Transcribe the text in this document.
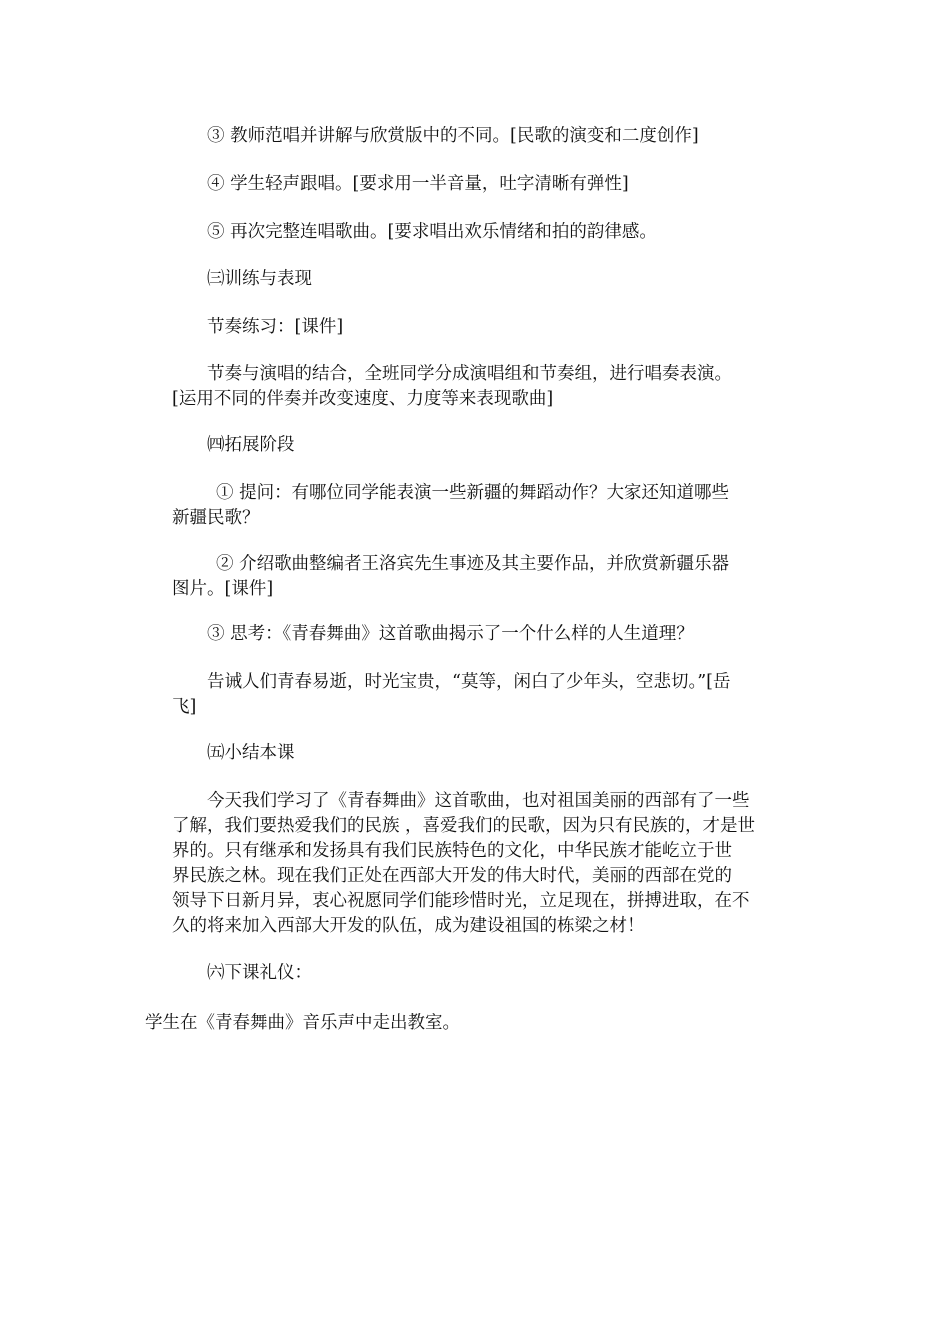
③ 教师范唱并讲解与欣赏版中的不同。[民歌的演变和二度创作]

④ 学生轻声跟唱。[要求用一半音量，吐字清晰有弹性]

⑤ 再次完整连唱歌曲。[要求唱出欢乐情绪和拍的韵律感。

㈢训练与表现

节奏练习：[课件]

节奏与演唱的结合，全班同学分成演唱组和节奏组，进行唱奏表演。
[运用不同的伴奏并改变速度、力度等来表现歌曲]

㈣拓展阶段

① 提问：有哪位同学能表演一些新疆的舞蹈动作？大家还知道哪些
新疆民歌？

② 介绍歌曲整编者王洛宾先生事迹及其主要作品，并欣赏新疆乐器
图片。[课件]

③ 思考：《青春舞曲》这首歌曲揭示了一个什么样的人生道理？

告诫人们青春易逝，时光宝贵，“莫等，闲白了少年头，空悲切。”[岳
飞]

㈤小结本课

今天我们学习了《青春舞曲》这首歌曲，也对祖国美丽的西部有了一些
了解，我们要热爱我们的民族 ，喜爱我们的民歌，因为只有民族的，才是世
界的。只有继承和发扬具有我们民族特色的文化，中华民族才能屹立于世
界民族之林。现在我们正处在西部大开发的伟大时代，美丽的西部在党的
领导下日新月异，衷心祝愿同学们能珍惜时光，立足现在，拼搏进取，在不
久的将来加入西部大开发的队伍，成为建设祖国的栋梁之材！

㈥下课礼仪：

学生在《青春舞曲》音乐声中走出教室。
